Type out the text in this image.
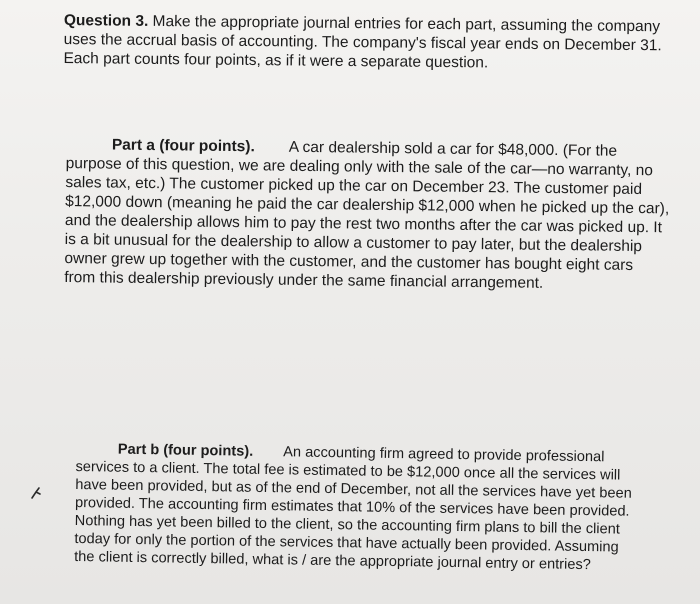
Question 3. Make the appropriate journal entries for each part, assuming the company
uses the accrual basis of accounting. The company's fiscal year ends on December 31.
Each part counts four points, as if it were a separate question.
Part a (four points). A car dealership sold a car for $48,000. (For the
purpose of this question, we are dealing only with the sale of the car—no warranty, no
sales tax, etc.) The customer picked up the car on December 23. The customer paid
$12,000 down (meaning he paid the car dealership $12,000 when he picked up the car),
and the dealership allows him to pay the rest two months after the car was picked up. It
is a bit unusual for the dealership to allow a customer to pay later, but the dealership
owner grew up together with the customer, and the customer has bought eight cars
from this dealership previously under the same financial arrangement.
Part b (four points). An accounting firm agreed to provide professional
services to a client. The total fee is estimated to be $12,000 once all the services will
have been provided, but as of the end of December, not all the services have yet been
provided. The accounting firm estimates that 10% of the services have been provided.
Nothing has yet been billed to the client, so the accounting firm plans to bill the client
today for only the portion of the services that have actually been provided. Assuming
the client is correctly billed, what is / are the appropriate journal entry or entries?
